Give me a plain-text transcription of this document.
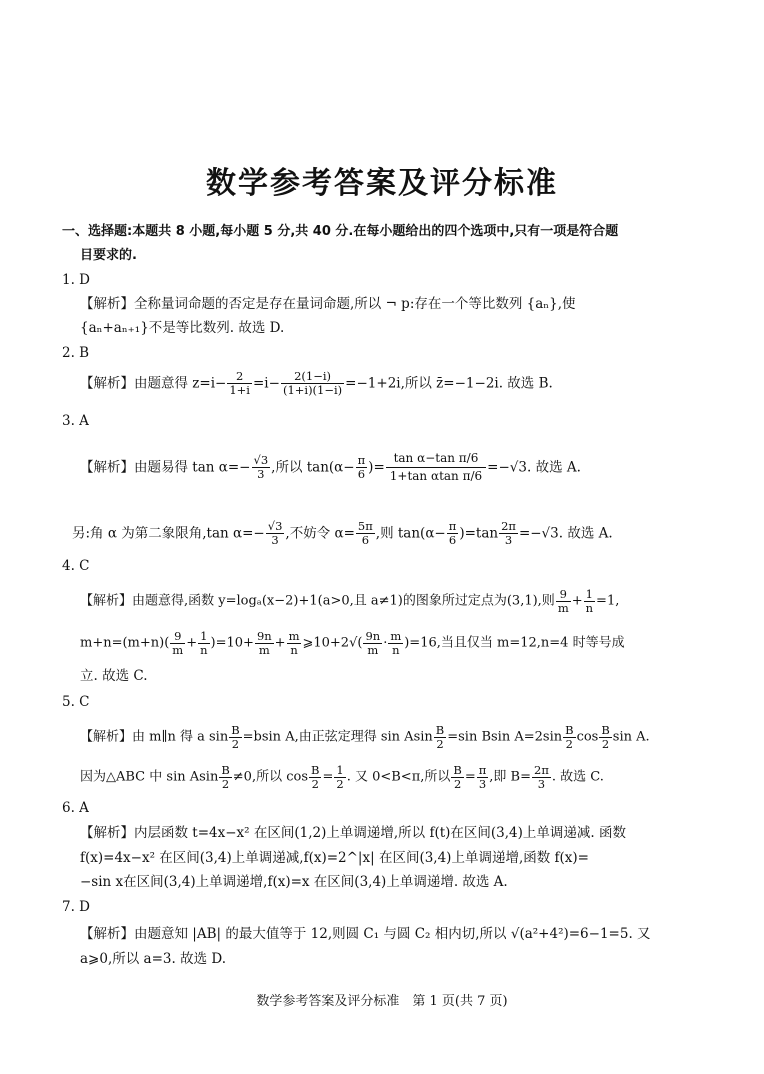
数学参考答案及评分标准
一、选择题:本题共 8 小题,每小题 5 分,共 40 分.在每小题给出的四个选项中,只有一项是符合题
目要求的.
1. D
【解析】全称量词命题的否定是存在量词命题,所以 ¬ p:存在一个等比数列 {aₙ},使
{aₙ+aₙ₊₁}不是等比数列. 故选 D.
2. B
【解析】由题意得 $z=i- \frac{2}{1+i} =i- \frac{2(1-i)}{(1+i)(1-i)} =-1+2i$,所以 z̄=−1−2i. 故选 B.
3. A
【解析】由题易得 $\tan \alpha=- \frac{√3}{3}$ ,所以 $\tan(\alpha- \frac{\pi}{6}$ )= $\frac{\text{tan α−tan π/6}}{\text{1+tan αtan π/6}} =-√3$. 故选 A.
另:角 α 为第二象限角,tan $\alpha=- \frac{√3}{3}$ ,不妨令 $\alpha= \frac{5\pi}{6}$ ,则 $\tan(\alpha- \frac{\pi}{6} )=\tan \frac{2\pi}{3} =-√3$. 故选 A.
4. C
【解析】由题意得,函数 y=logₐ(x−2)+1(a>0,且 a≠1)的图象所过定点为(3,1),则 $\frac{9}{m} + \frac{1}{n} =1$,
$m+n=(m+n)( \frac{9}{m} + \frac{1}{n} )=10+ \frac{9n}{m} + \frac{m}{n}$ ⩾10+2√( $\frac{9n}{m} \cdot \frac{m}{n} )=16$,当且仅当 m=12,n=4 时等号成
立. 故选 C.
5. C
【解析】由 m∥n 得 a $\sin \frac{B}{2} =bsin$ A,由正弦定理得 sin Asin $\frac{B}{2} =\sin$ Bsin $A=2\sin \frac{B}{2}$ $\cos \frac{B}{2}$ sin A.
因为△ABC 中 sin Asin $\frac{B}{2} \ne 0$,所以 $\cos \frac{B}{2} = \frac{1}{2}$ . 又 0<B<π,所以 $\frac{B}{2} = \frac{\pi}{3}$ ,即 $B= \frac{2\pi}{3}$ . 故选 C.
6. A
【解析】内层函数 t=4x−x² 在区间(1,2)上单调递增,所以 f(t)在区间(3,4)上单调递减. 函数
f(x)=4x−x² 在区间(3,4)上单调递减,f(x)=2^|x| 在区间(3,4)上单调递增,函数 f(x)=
−sin x在区间(3,4)上单调递增,f(x)=x 在区间(3,4)上单调递增. 故选 A.
7. D
【解析】由题意知 |AB| 的最大值等于 12,则圆 C₁ 与圆 C₂ 相内切,所以 √(a²+4²)=6−1=5. 又
a⩾0,所以 a=3. 故选 D.
数学参考答案及评分标准　第 1 页(共 7 页)
